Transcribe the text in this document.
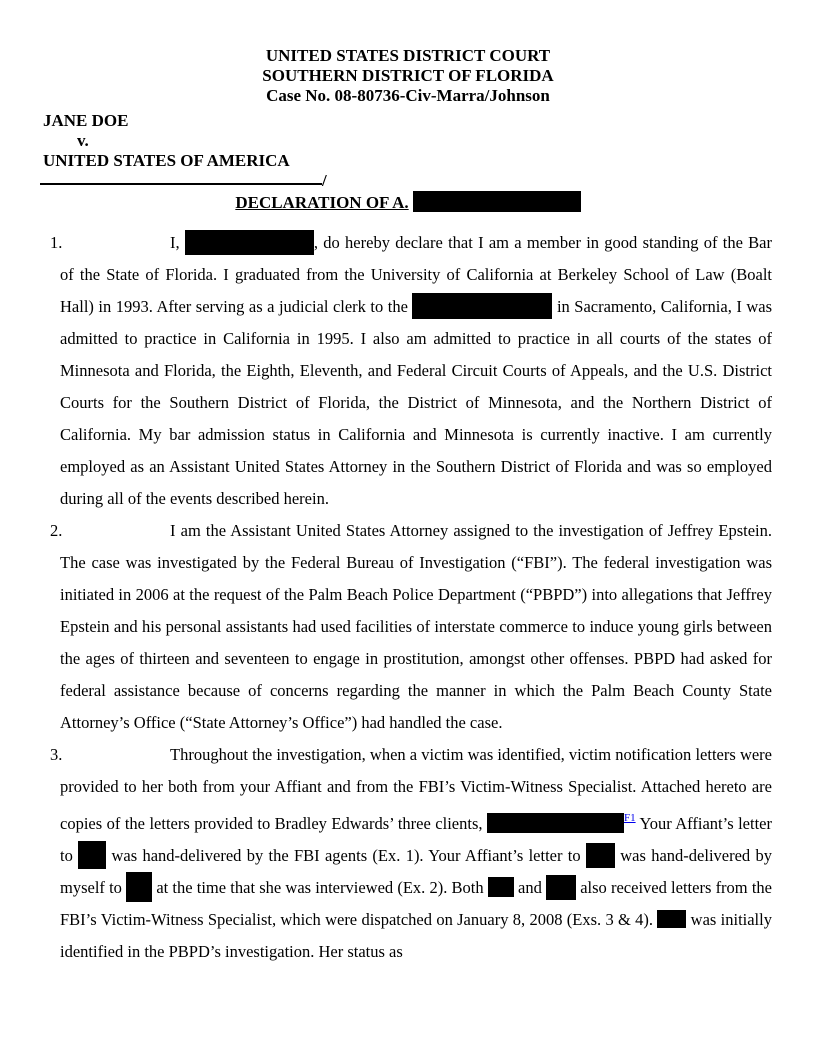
UNITED STATES DISTRICT COURT
SOUTHERN DISTRICT OF FLORIDA
Case No. 08-80736-Civ-Marra/Johnson
JANE DOE
v.
UNITED STATES OF AMERICA
/
DECLARATION OF A.
1.	I,	, do hereby declare that I am a member in good standing of the Bar of the State of Florida. I graduated from the University of California at Berkeley School of Law (Boalt Hall) in 1993. After serving as a judicial clerk to the	in Sacramento, California, I was admitted to practice in California in 1995. I also am admitted to practice in all courts of the states of Minnesota and Florida, the Eighth, Eleventh, and Federal Circuit Courts of Appeals, and the U.S. District Courts for the Southern District of Florida, the District of Minnesota, and the Northern District of California. My bar admission status in California and Minnesota is currently inactive. I am currently employed as an Assistant United States Attorney in the Southern District of Florida and was so employed during all of the events described herein.
2.	I am the Assistant United States Attorney assigned to the investigation of Jeffrey Epstein. The case was investigated by the Federal Bureau of Investigation (“FBI”). The federal investigation was initiated in 2006 at the request of the Palm Beach Police Department (“PBPD”) into allegations that Jeffrey Epstein and his personal assistants had used facilities of interstate commerce to induce young girls between the ages of thirteen and seventeen to engage in prostitution, amongst other offenses. PBPD had asked for federal assistance because of concerns regarding the manner in which the Palm Beach County State Attorney’s Office (“State Attorney’s Office”) had handled the case.
3.	Throughout the investigation, when a victim was identified, victim notification letters were provided to her both from your Affiant and from the FBI’s Victim-Witness Specialist. Attached hereto are copies of the letters provided to Bradley Edwards’ three clients,	$^{F1}$ Your Affiant’s letter to  was hand-delivered by the FBI agents (Ex. 1). Your Affiant’s letter to  was hand-delivered by myself to  at the time that she was interviewed (Ex. 2). Both  and  also received letters from the FBI’s Victim-Witness Specialist, which were dispatched on January 8, 2008 (Exs. 3 & 4).  was initially identified in the PBPD’s investigation. Her status as
